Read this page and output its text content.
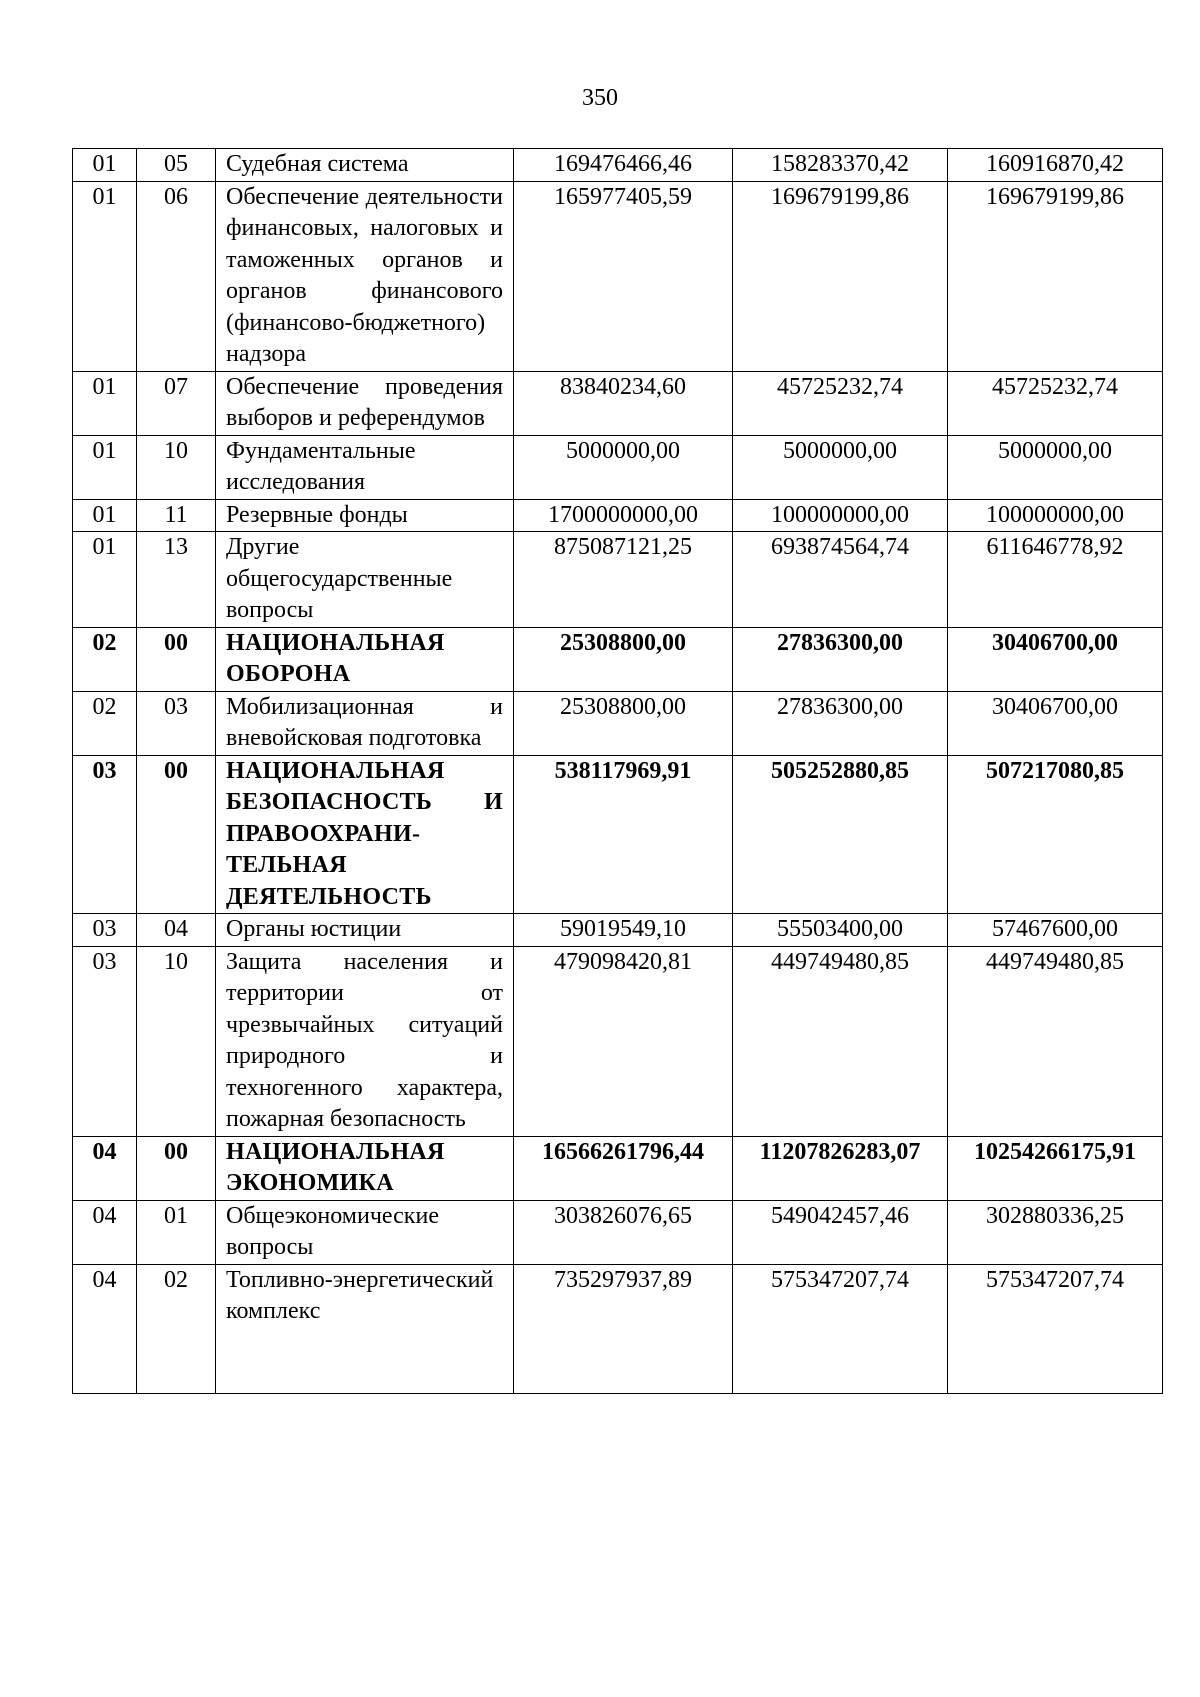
350
01	05	Судебная система	169476466,46	158283370,42	160916870,42
01	06	Обеспечение деятельности финансовых, налоговых и таможенных органов и органов финансового (финансово-бюджетного) надзора	165977405,59	169679199,86	169679199,86
01	07	Обеспечение проведения выборов и референдумов	83840234,60	45725232,74	45725232,74
01	10	Фундаментальные исследования	5000000,00	5000000,00	5000000,00
01	11	Резервные фонды	1700000000,00	100000000,00	100000000,00
01	13	Другие общегосударственные вопросы	875087121,25	693874564,74	611646778,92
02	00	НАЦИОНАЛЬНАЯ ОБОРОНА	25308800,00	27836300,00	30406700,00
02	03	Мобилизационная и вневойсковая подготовка	25308800,00	27836300,00	30406700,00
03	00	НАЦИОНАЛЬНАЯ БЕЗОПАСНОСТЬ И ПРАВООХРАНИ-ТЕЛЬНАЯ ДЕЯТЕЛЬНОСТЬ	538117969,91	505252880,85	507217080,85
03	04	Органы юстиции	59019549,10	55503400,00	57467600,00
03	10	Защита населения и территории от чрезвычайных ситуаций природного и техногенного характера, пожарная безопасность	479098420,81	449749480,85	449749480,85
04	00	НАЦИОНАЛЬНАЯ ЭКОНОМИКА	16566261796,44	11207826283,07	10254266175,91
04	01	Общеэкономические вопросы	303826076,65	549042457,46	302880336,25
04	02	Топливно-энергетический комплекс	735297937,89	575347207,74	575347207,74
